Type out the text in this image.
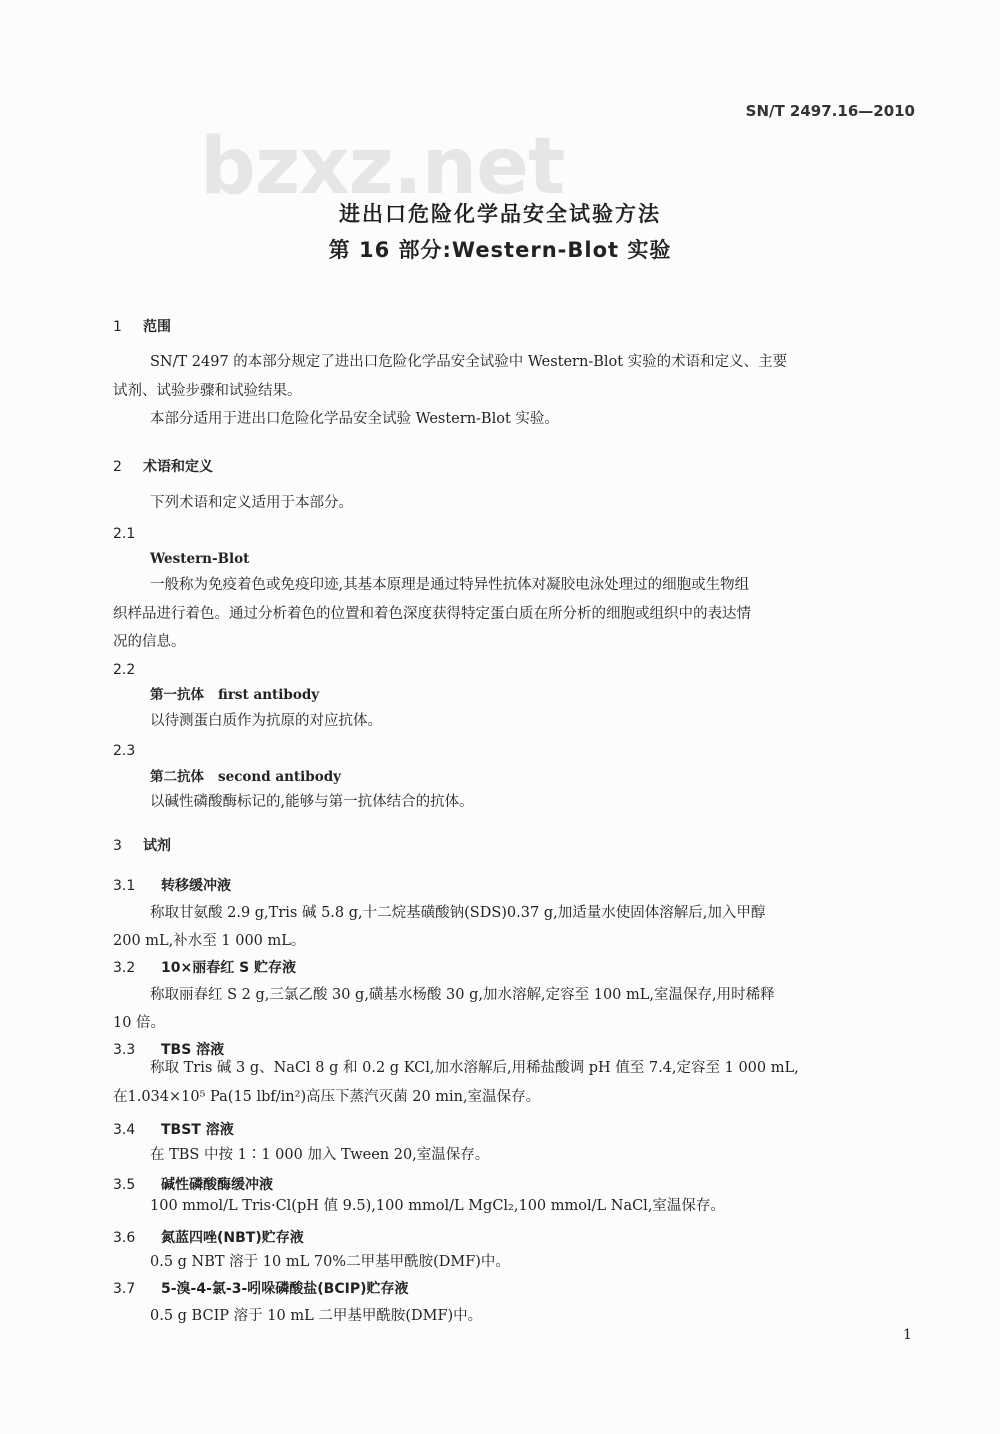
SN/T 2497.16—2010
bzxz.net
进出口危险化学品安全试验方法
第 16 部分:Western-Blot 实验
1 范围
SN/T 2497 的本部分规定了进出口危险化学品安全试验中 Western-Blot 实验的术语和定义、主要
试剂、试验步骤和试验结果。
本部分适用于进出口危险化学品安全试验 Western-Blot 实验。
2 术语和定义
下列术语和定义适用于本部分。
2.1
Western-Blot
一般称为免疫着色或免疫印迹,其基本原理是通过特异性抗体对凝胶电泳处理过的细胞或生物组
织样品进行着色。通过分析着色的位置和着色深度获得特定蛋白质在所分析的细胞或组织中的表达情
况的信息。
2.2
第一抗体 first antibody
以待测蛋白质作为抗原的对应抗体。
2.3
第二抗体 second antibody
以碱性磷酸酶标记的,能够与第一抗体结合的抗体。
3 试剂
3.1 转移缓冲液
称取甘氨酸 2.9 g,Tris 碱 5.8 g,十二烷基磺酸钠(SDS)0.37 g,加适量水使固体溶解后,加入甲醇
200 mL,补水至 1 000 mL。
3.2 10×丽春红 S 贮存液
称取丽春红 S 2 g,三氯乙酸 30 g,磺基水杨酸 30 g,加水溶解,定容至 100 mL,室温保存,用时稀释
10 倍。
3.3 TBS 溶液
称取 Tris 碱 3 g、NaCl 8 g 和 0.2 g KCl,加水溶解后,用稀盐酸调 pH 值至 7.4,定容至 1 000 mL,
在1.034×10⁵ Pa(15 lbf/in²)高压下蒸汽灭菌 20 min,室温保存。
3.4 TBST 溶液
在 TBS 中按 1∶1 000 加入 Tween 20,室温保存。
3.5 碱性磷酸酶缓冲液
100 mmol/L Tris·Cl(pH 值 9.5),100 mmol/L MgCl₂,100 mmol/L NaCl,室温保存。
3.6 氮蓝四唑(NBT)贮存液
0.5 g NBT 溶于 10 mL 70%二甲基甲酰胺(DMF)中。
3.7 5-溴-4-氯-3-吲哚磷酸盐(BCIP)贮存液
0.5 g BCIP 溶于 10 mL 二甲基甲酰胺(DMF)中。
1
